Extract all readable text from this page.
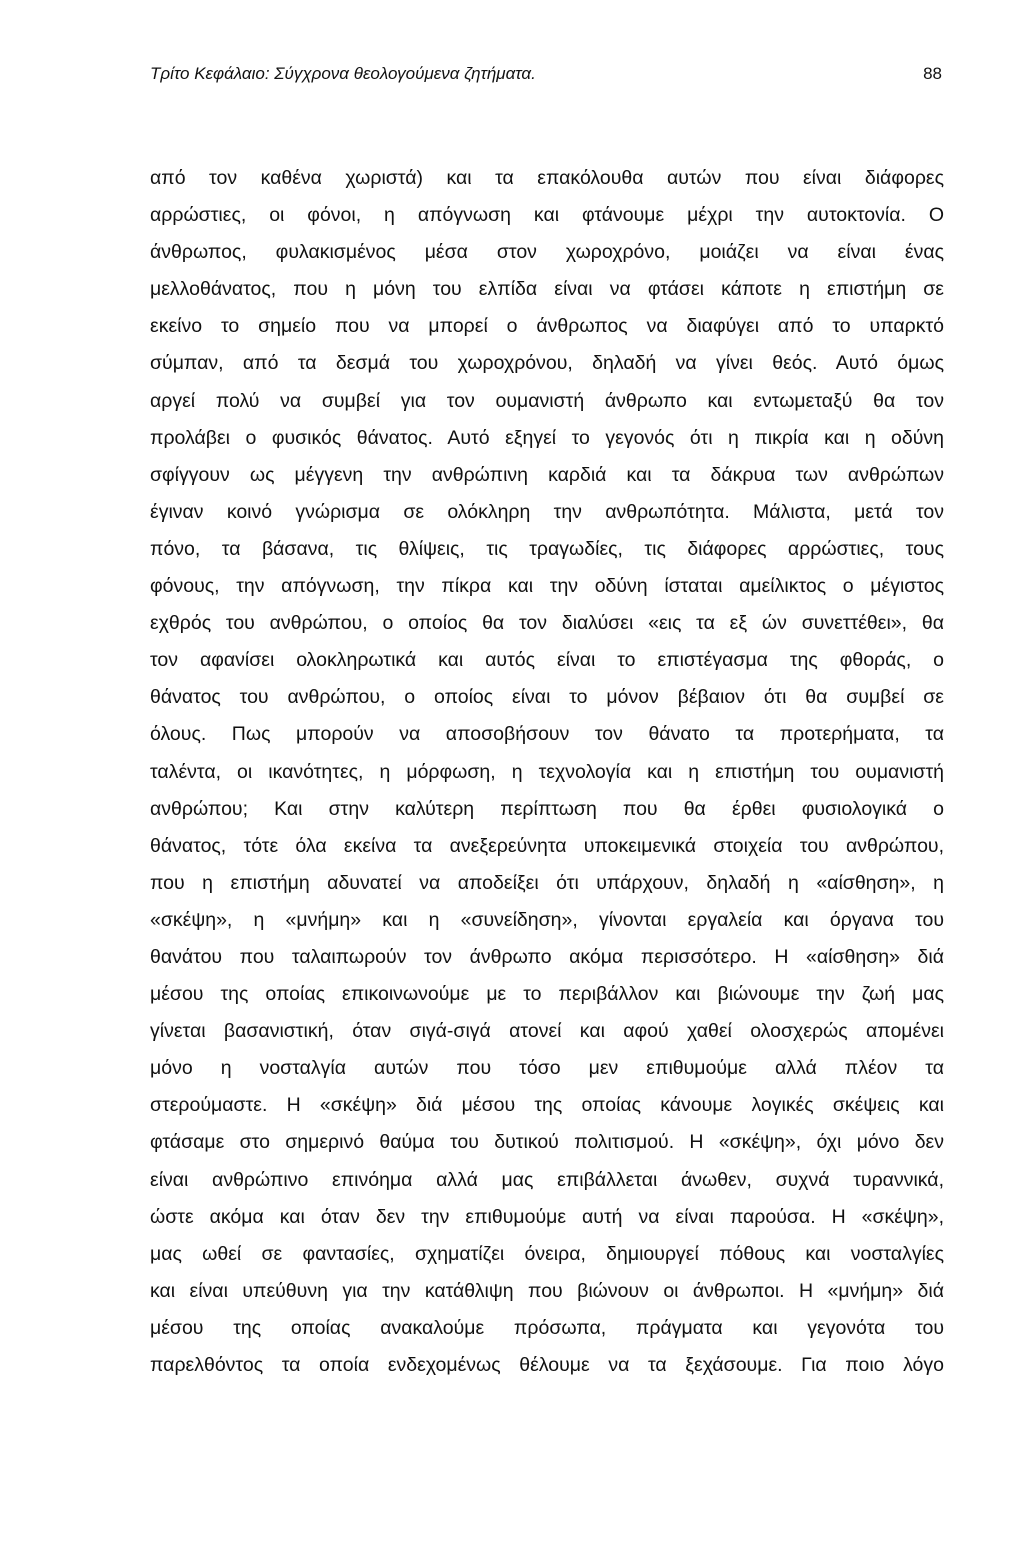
Τρίτο Κεφάλαιο: Σύγχρονα θεολογούμενα ζητήματα.	88
από τον καθένα χωριστά) και τα επακόλουθα αυτών που είναι διάφορες
αρρώστιες, οι φόνοι, η απόγνωση και φτάνουμε μέχρι την αυτοκτονία. Ο
άνθρωπος, φυλακισμένος μέσα στον χωροχρόνο, μοιάζει να είναι ένας
μελλοθάνατος, που η μόνη του ελπίδα είναι να φτάσει κάποτε η επιστήμη σε
εκείνο το σημείο που να μπορεί ο άνθρωπος να διαφύγει από το υπαρκτό
σύμπαν, από τα δεσμά του χωροχρόνου, δηλαδή να γίνει θεός. Αυτό όμως
αργεί πολύ να συμβεί για τον ουμανιστή άνθρωπο και εντωμεταξύ θα τον
προλάβει ο φυσικός θάνατος. Αυτό εξηγεί το γεγονός ότι η πικρία και η οδύνη
σφίγγουν ως μέγγενη την ανθρώπινη καρδιά και τα δάκρυα των ανθρώπων
έγιναν κοινό γνώρισμα σε ολόκληρη την ανθρωπότητα. Μάλιστα, μετά τον
πόνο, τα βάσανα, τις θλίψεις, τις τραγωδίες, τις διάφορες αρρώστιες, τους
φόνους, την απόγνωση, την πίκρα και την οδύνη ίσταται αμείλικτος ο μέγιστος
εχθρός του ανθρώπου, ο οποίος θα τον διαλύσει «εις τα εξ ών συνεττέθει», θα
τον αφανίσει ολοκληρωτικά και αυτός είναι το επιστέγασμα της φθοράς, ο
θάνατος του ανθρώπου, ο οποίος είναι το μόνον βέβαιον ότι θα συμβεί σε
όλους. Πως μπορούν να αποσοβήσουν τον θάνατο τα προτερήματα, τα
ταλέντα, οι ικανότητες, η μόρφωση, η τεχνολογία και η επιστήμη του ουμανιστή
ανθρώπου; Και στην καλύτερη περίπτωση που θα έρθει φυσιολογικά ο
θάνατος, τότε όλα εκείνα τα ανεξερεύνητα υποκειμενικά στοιχεία του ανθρώπου,
που η επιστήμη αδυνατεί να αποδείξει ότι υπάρχουν, δηλαδή η «αίσθηση», η
«σκέψη», η «μνήμη» και η «συνείδηση», γίνονται εργαλεία και όργανα του
θανάτου που ταλαιπωρούν τον άνθρωπο ακόμα περισσότερο. Η «αίσθηση» διά
μέσου της οποίας επικοινωνούμε με το περιβάλλον και βιώνουμε την ζωή μας
γίνεται βασανιστική, όταν σιγά-σιγά ατονεί και αφού χαθεί ολοσχερώς απομένει
μόνο η νοσταλγία αυτών που τόσο μεν επιθυμούμε αλλά πλέον τα
στερούμαστε. Η «σκέψη» διά μέσου της οποίας κάνουμε λογικές σκέψεις και
φτάσαμε στο σημερινό θαύμα του δυτικού πολιτισμού. Η «σκέψη», όχι μόνο δεν
είναι ανθρώπινο επινόημα αλλά μας επιβάλλεται άνωθεν, συχνά τυραννικά,
ώστε ακόμα και όταν δεν την επιθυμούμε αυτή να είναι παρούσα. Η «σκέψη»,
μας ωθεί σε φαντασίες, σχηματίζει όνειρα, δημιουργεί πόθους και νοσταλγίες
και είναι υπεύθυνη για την κατάθλιψη που βιώνουν οι άνθρωποι. Η «μνήμη» διά
μέσου της οποίας ανακαλούμε πρόσωπα, πράγματα και γεγονότα του
παρελθόντος τα οποία ενδεχομένως θέλουμε να τα ξεχάσουμε. Για ποιο λόγο
